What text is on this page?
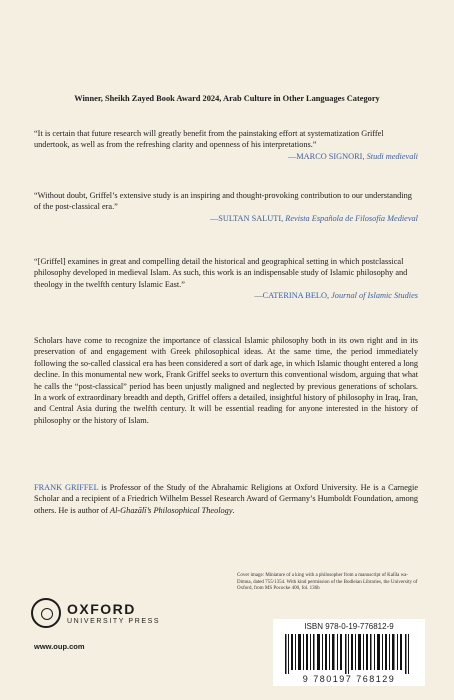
Winner, Sheikh Zayed Book Award 2024, Arab Culture in Other Languages Category
“It is certain that future research will greatly benefit from the painstaking effort at systematization Griffel undertook, as well as from the refreshing clarity and openness of his interpretations.”
—MARCO SIGNORI, Studi medievali
“Without doubt, Griffel’s extensive study is an inspiring and thought-provoking contribution to our understanding of the post-classical era.”
—SULTAN SALUTI, Revista Española de Filosofía Medieval
“[Griffel] examines in great and compelling detail the historical and geographical setting in which postclassical philosophy developed in medieval Islam. As such, this work is an indispensable study of Islamic philosophy and theology in the twelfth century Islamic East.”
—CATERINA BELO, Journal of Islamic Studies
Scholars have come to recognize the importance of classical Islamic philosophy both in its own right and in its preservation of and engagement with Greek philosophical ideas. At the same time, the period immediately following the so-called classical era has been considered a sort of dark age, in which Islamic thought entered a long decline. In this monumental new work, Frank Griffel seeks to overturn this conventional wisdom, arguing that what he calls the “post-classical” period has been unjustly maligned and neglected by previous generations of scholars. In a work of extraordinary breadth and depth, Griffel offers a detailed, insightful history of philosophy in Iraq, Iran, and Central Asia during the twelfth century. It will be essential reading for anyone interested in the history of philosophy or the history of Islam.
FRANK GRIFFEL is Professor of the Study of the Abrahamic Religions at Oxford University. He is a Carnegie Scholar and a recipient of a Friedrich Wilhelm Bessel Research Award of Germany’s Humboldt Foundation, among others. He is author of Al-Ghazālī’s Philosophical Theology.
Cover image: Miniature of a king with a philosopher from a manuscript of Kalīla wa-Dimna, dated 755/1354. With kind permission of the Bodleian Libraries, the University of Oxford, from MS Pococke 400, fol. 136b
OXFORD
UNIVERSITY PRESS
www.oup.com
ISBN 978-0-19-776812-9
9 780197 768129
